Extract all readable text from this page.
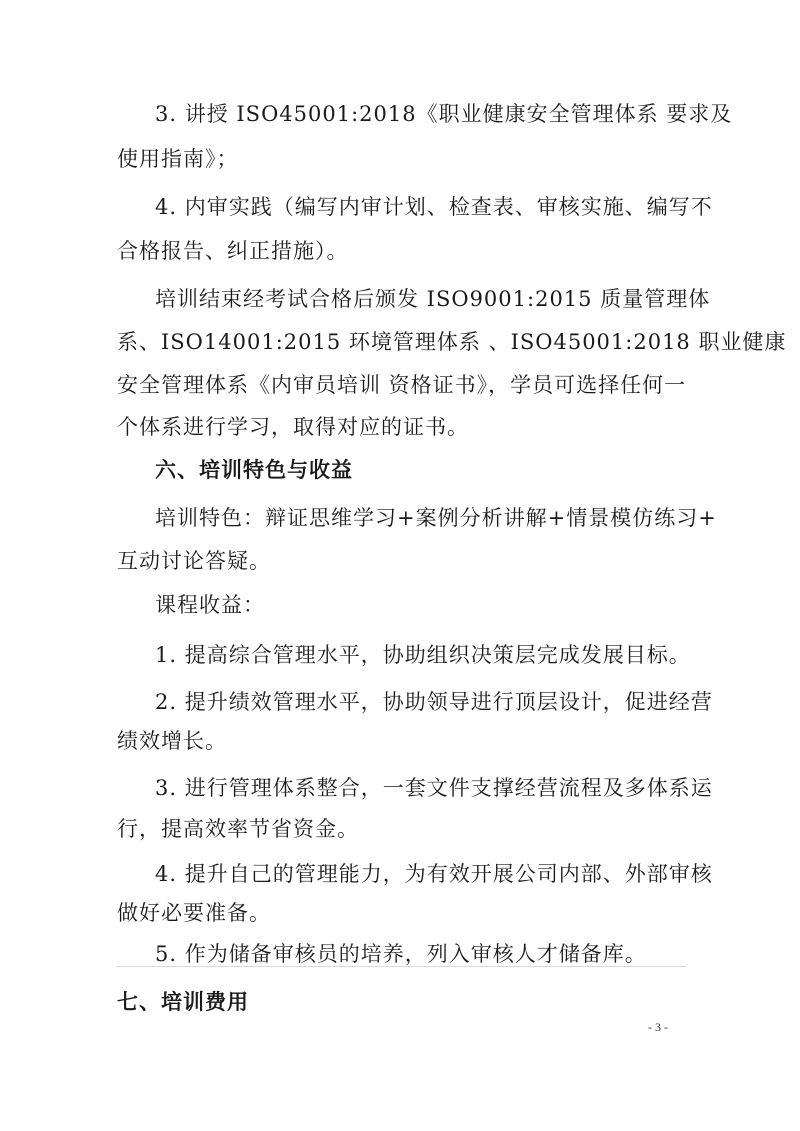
3. 讲授 ISO45001:2018《职业健康安全管理体系 要求及
使用指南》；
4. 内审实践（编写内审计划、检查表、审核实施、编写不
合格报告、纠正措施）。
培训结束经考试合格后颁发 ISO9001:2015 质量管理体
系、ISO14001:2015 环境管理体系 、ISO45001:2018 职业健康
安全管理体系《内审员培训 资格证书》，学员可选择任何一
个体系进行学习，取得对应的证书。
六、培训特色与收益
培训特色：辩证思维学习+案例分析讲解+情景模仿练习+
互动讨论答疑。
课程收益：
1. 提高综合管理水平，协助组织决策层完成发展目标。
2. 提升绩效管理水平，协助领导进行顶层设计，促进经营
绩效增长。
3. 进行管理体系整合，一套文件支撑经营流程及多体系运
行，提高效率节省资金。
4. 提升自己的管理能力，为有效开展公司内部、外部审核
做好必要准备。
5. 作为储备审核员的培养，列入审核人才储备库。
七、培训费用
- 3 -
